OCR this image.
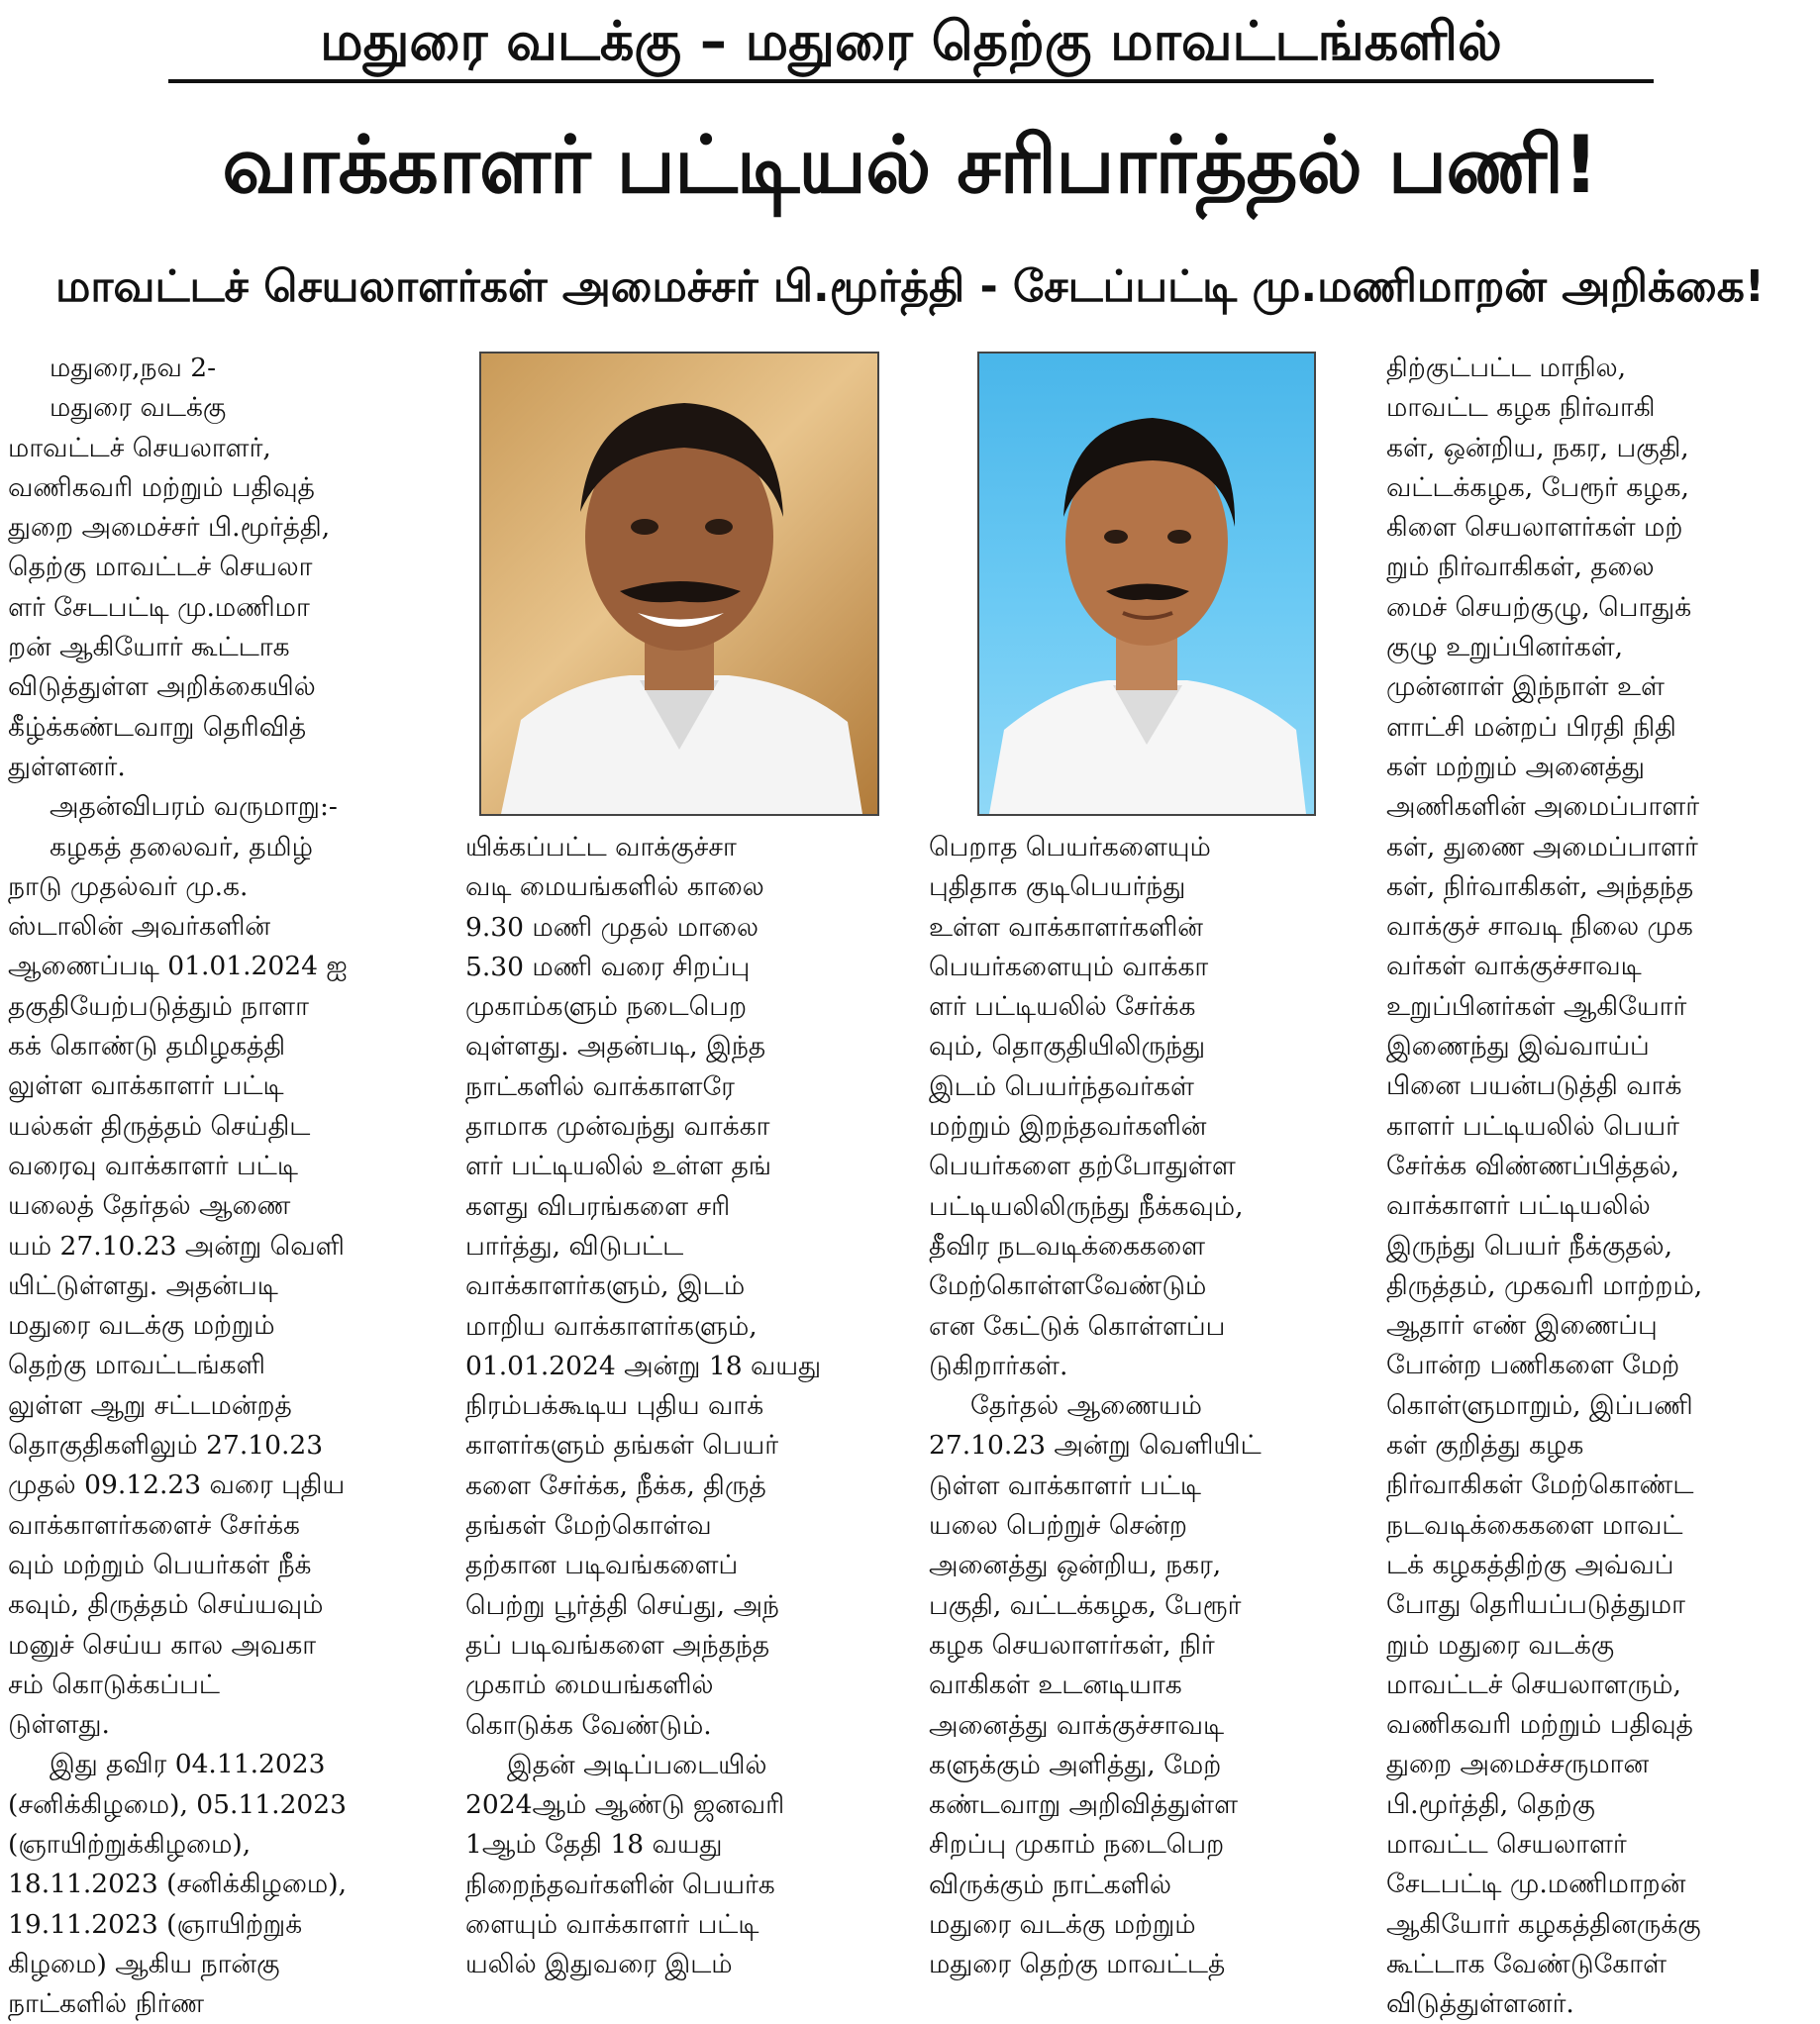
மதுரை வடக்கு – மதுரை தெற்கு மாவட்டங்களில்
வாக்காளர் பட்டியல் சரிபார்த்தல் பணி!
மாவட்டச் செயலாளர்கள் அமைச்சர் பி.மூர்த்தி - சேடப்பட்டி மு.மணிமாறன் அறிக்கை!

மதுரை,நவ 2-

மதுரை வடக்கு

மாவட்டச் செயலாளர்,

வணிகவரி மற்றும் பதிவுத்

துறை அமைச்சர் பி.மூர்த்தி,

தெற்கு மாவட்டச் செயலா

ளர் சேடபட்டி மு.மணிமா

றன் ஆகியோர் கூட்டாக

விடுத்துள்ள அறிக்கையில்

கீழ்க்கண்டவாறு தெரிவித்

துள்ளனர்.

அதன்விபரம் வருமாறு:-

கழகத் தலைவர், தமிழ்

நாடு முதல்வர் மு.க.

ஸ்டாலின் அவர்களின்

ஆணைப்படி 01.01.2024 ஐ

தகுதியேற்படுத்தும் நாளா

கக் கொண்டு தமிழகத்தி

லுள்ள வாக்காளர் பட்டி

யல்கள் திருத்தம் செய்திட

வரைவு வாக்காளர் பட்டி

யலைத் தேர்தல் ஆணை

யம் 27.10.23 அன்று வெளி

யிட்டுள்ளது. அதன்படி

மதுரை வடக்கு மற்றும்

தெற்கு மாவட்டங்களி

லுள்ள ஆறு சட்டமன்றத்

தொகுதிகளிலும் 27.10.23

முதல் 09.12.23 வரை புதிய

வாக்காளர்களைச் சேர்க்க

வும் மற்றும் பெயர்கள் நீக்

கவும், திருத்தம் செய்யவும்

மனுச் செய்ய கால அவகா

சம் கொடுக்கப்பட்

டுள்ளது.

இது தவிர 04.11.2023

(சனிக்கிழமை), 05.11.2023

(ஞாயிற்றுக்கிழமை),

18.11.2023 (சனிக்கிழமை),

19.11.2023 (ஞாயிற்றுக்

கிழமை) ஆகிய நான்கு

நாட்களில் நிர்ண

யிக்கப்பட்ட வாக்குச்சா

வடி மையங்களில் காலை

9.30 மணி முதல் மாலை

5.30 மணி வரை சிறப்பு

முகாம்களும் நடைபெற

வுள்ளது. அதன்படி, இந்த

நாட்களில் வாக்காளரே

தாமாக முன்வந்து வாக்கா

ளர் பட்டியலில் உள்ள தங்

களது விபரங்களை சரி

பார்த்து, விடுபட்ட

வாக்காளர்களும், இடம்

மாறிய வாக்காளர்களும்,

01.01.2024 அன்று 18 வயது

நிரம்பக்கூடிய புதிய வாக்

காளர்களும் தங்கள் பெயர்

களை சேர்க்க, நீக்க, திருத்

தங்கள் மேற்கொள்வ

தற்கான படிவங்களைப்

பெற்று பூர்த்தி செய்து, அந்

தப் படிவங்களை அந்தந்த

முகாம் மையங்களில்

கொடுக்க வேண்டும்.

இதன் அடிப்படையில்

2024ஆம் ஆண்டு ஜனவரி

1ஆம் தேதி 18 வயது

நிறைந்தவர்களின் பெயர்க

ளையும் வாக்காளர் பட்டி

யலில் இதுவரை இடம்

பெறாத பெயர்களையும்

புதிதாக குடிபெயர்ந்து

உள்ள வாக்காளர்களின்

பெயர்களையும் வாக்கா

ளர் பட்டியலில் சேர்க்க

வும், தொகுதியிலிருந்து

இடம் பெயர்ந்தவர்கள்

மற்றும் இறந்தவர்களின்

பெயர்களை தற்போதுள்ள

பட்டியலிலிருந்து நீக்கவும்,

தீவிர நடவடிக்கைகளை

மேற்கொள்ளவேண்டும்

என கேட்டுக் கொள்ளப்ப

டுகிறார்கள்.

தேர்தல் ஆணையம்

27.10.23 அன்று வெளியிட்

டுள்ள வாக்காளர் பட்டி

யலை பெற்றுச் சென்ற

அனைத்து ஒன்றிய, நகர,

பகுதி, வட்டக்கழக, பேரூர்

கழக செயலாளர்கள், நிர்

வாகிகள் உடனடியாக

அனைத்து வாக்குச்சாவடி

களுக்கும் அளித்து, மேற்

கண்டவாறு அறிவித்துள்ள

சிறப்பு முகாம் நடைபெற

விருக்கும் நாட்களில்

மதுரை வடக்கு மற்றும்

மதுரை தெற்கு மாவட்டத்

திற்குட்பட்ட மாநில,

மாவட்ட கழக நிர்வாகி

கள், ஒன்றிய, நகர, பகுதி,

வட்டக்கழக, பேரூர் கழக,

கிளை செயலாளர்கள் மற்

றும் நிர்வாகிகள், தலை

மைச் செயற்குழு, பொதுக்

குழு உறுப்பினர்கள்,

முன்னாள் இந்நாள் உள்

ளாட்சி மன்றப் பிரதி நிதி

கள் மற்றும் அனைத்து

அணிகளின் அமைப்பாளர்

கள், துணை அமைப்பாளர்

கள், நிர்வாகிகள், அந்தந்த

வாக்குச் சாவடி நிலை முக

வர்கள் வாக்குச்சாவடி

உறுப்பினர்கள் ஆகியோர்

இணைந்து இவ்வாய்ப்

பினை பயன்படுத்தி வாக்

காளர் பட்டியலில் பெயர்

சேர்க்க விண்ணப்பித்தல்,

வாக்காளர் பட்டியலில்

இருந்து பெயர் நீக்குதல்,

திருத்தம், முகவரி மாற்றம்,

ஆதார் எண் இணைப்பு

போன்ற பணிகளை மேற்

கொள்ளுமாறும், இப்பணி

கள் குறித்து கழக

நிர்வாகிகள் மேற்கொண்ட

நடவடிக்கைகளை மாவட்

டக் கழகத்திற்கு அவ்வப்

போது தெரியப்படுத்துமா

றும் மதுரை வடக்கு

மாவட்டச் செயலாளரும்,

வணிகவரி மற்றும் பதிவுத்

துறை அமைச்சருமான

பி.மூர்த்தி, தெற்கு

மாவட்ட செயலாளர்

சேடபட்டி மு.மணிமாறன்

ஆகியோர் கழகத்தினருக்கு

கூட்டாக வேண்டுகோள்

விடுத்துள்ளனர்.
